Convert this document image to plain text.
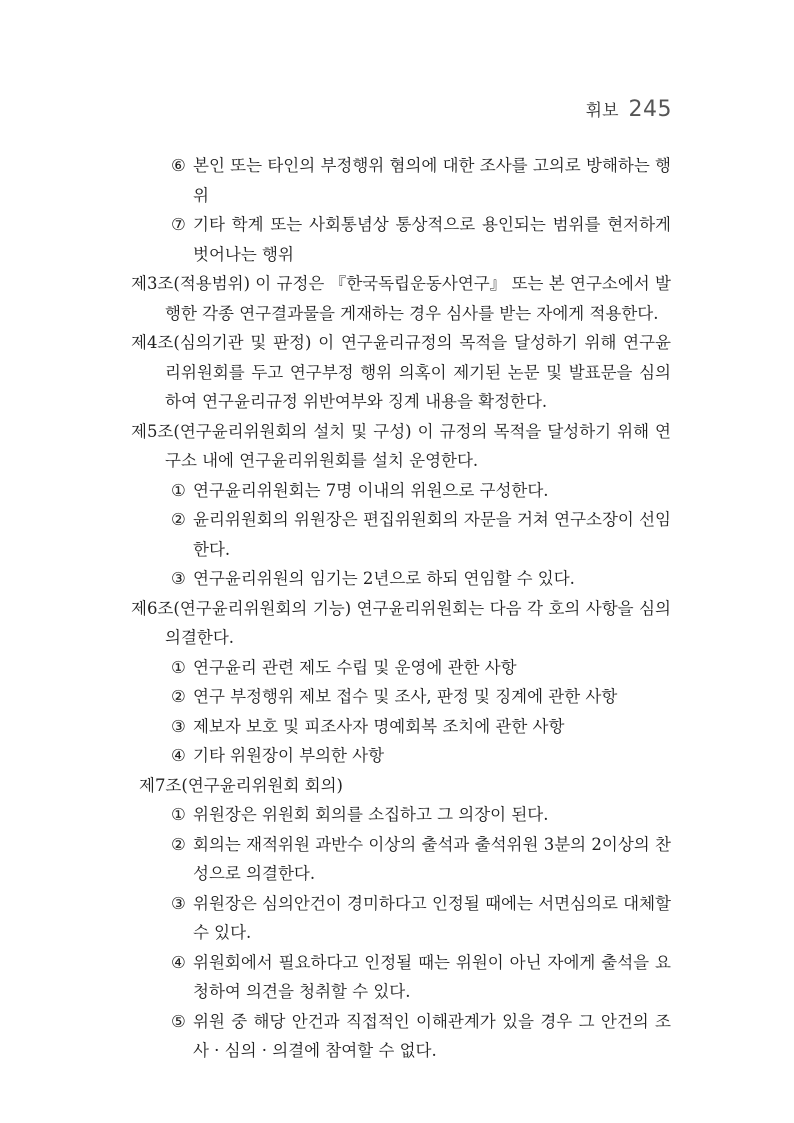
휘보 245
⑥ 본인 또는 타인의 부정행위 혐의에 대한 조사를 고의로 방해하는 행위
⑦ 기타 학계 또는 사회통념상 통상적으로 용인되는 범위를 현저하게 벗어나는 행위
제3조(적용범위) 이 규정은 『한국독립운동사연구』 또는 본 연구소에서 발행한 각종 연구결과물을 게재하는 경우 심사를 받는 자에게 적용한다.
제4조(심의기관 및 판정) 이 연구윤리규정의 목적을 달성하기 위해 연구윤리위원회를 두고 연구부정 행위 의혹이 제기된 논문 및 발표문을 심의하여 연구윤리규정 위반여부와 징계 내용을 확정한다.
제5조(연구윤리위원회의 설치 및 구성) 이 규정의 목적을 달성하기 위해 연구소 내에 연구윤리위원회를 설치 운영한다.
① 연구윤리위원회는 7명 이내의 위원으로 구성한다.
② 윤리위원회의 위원장은 편집위원회의 자문을 거쳐 연구소장이 선임한다.
③ 연구윤리위원의 임기는 2년으로 하되 연임할 수 있다.
제6조(연구윤리위원회의 기능) 연구윤리위원회는 다음 각 호의 사항을 심의 의결한다.
① 연구윤리 관련 제도 수립 및 운영에 관한 사항
② 연구 부정행위 제보 접수 및 조사, 판정 및 징계에 관한 사항
③ 제보자 보호 및 피조사자 명예회복 조치에 관한 사항
④ 기타 위원장이 부의한 사항
제7조(연구윤리위원회 회의)
① 위원장은 위원회 회의를 소집하고 그 의장이 된다.
② 회의는 재적위원 과반수 이상의 출석과 출석위원 3분의 2이상의 찬성으로 의결한다.
③ 위원장은 심의안건이 경미하다고 인정될 때에는 서면심의로 대체할 수 있다.
④ 위원회에서 필요하다고 인정될 때는 위원이 아닌 자에게 출석을 요청하여 의견을 청취할 수 있다.
⑤ 위원 중 해당 안건과 직접적인 이해관계가 있을 경우 그 안건의 조사 · 심의 · 의결에 참여할 수 없다.
